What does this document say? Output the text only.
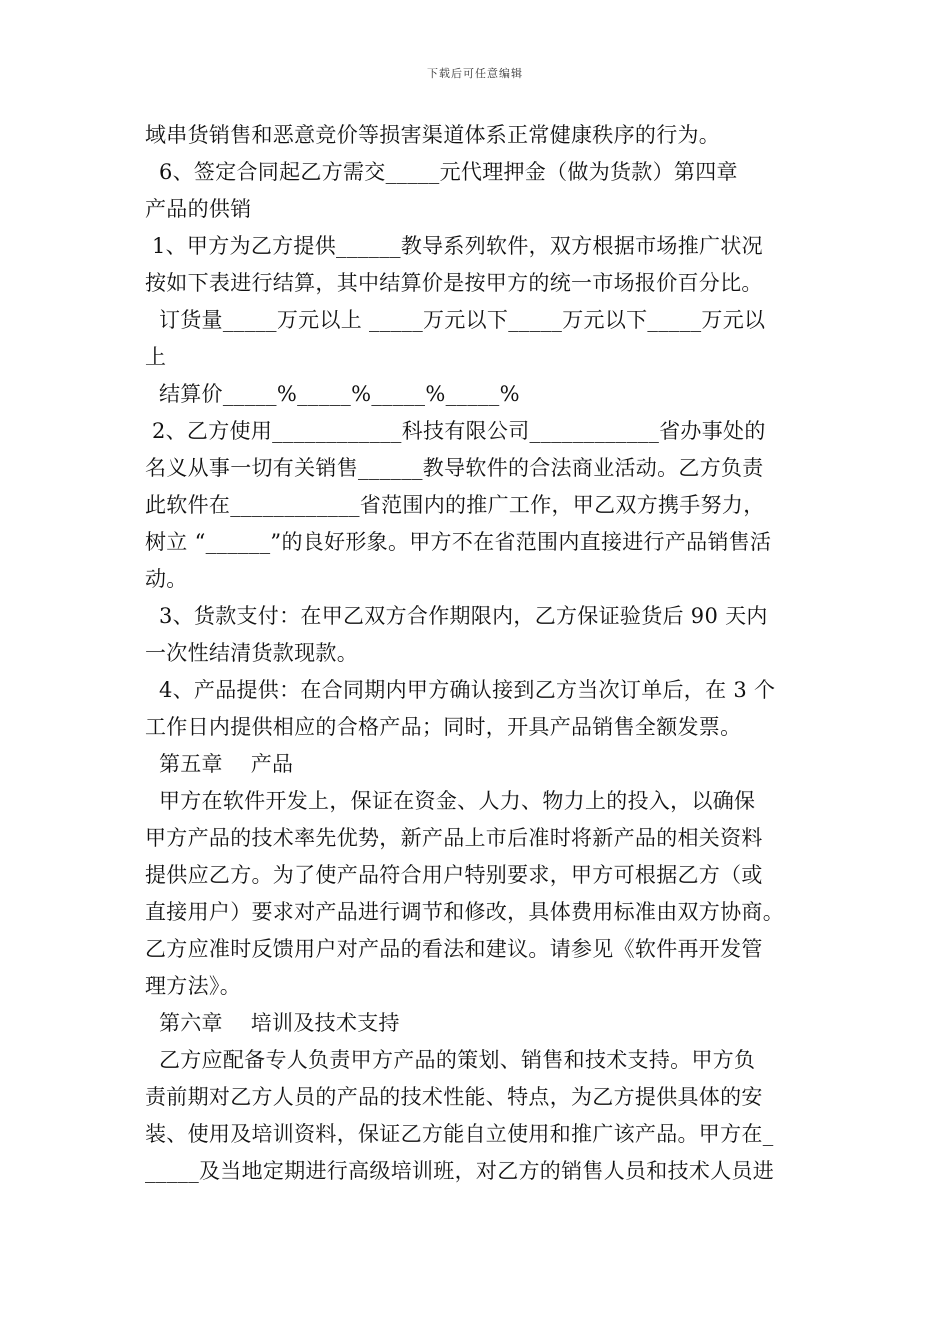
下载后可任意编辑
域串货销售和恶意竞价等损害渠道体系正常健康秩序的行为。
6、签定合同起乙方需交_____元代理押金（做为货款）第四章
产品的供销
1、甲方为乙方提供______教导系列软件，双方根据市场推广状况
按如下表进行结算，其中结算价是按甲方的统一市场报价百分比。
订货量_____万元以上 _____万元以下_____万元以下_____万元以
上
结算价_____%_____%_____%_____%
2、乙方使用____________科技有限公司____________省办事处的
名义从事一切有关销售______教导软件的合法商业活动。乙方负责
此软件在____________省范围内的推广工作，甲乙双方携手努力，
树立 “______”的良好形象。甲方不在省范围内直接进行产品销售活
动。
3、货款支付：在甲乙双方合作期限内，乙方保证验货后 90 天内
一次性结清货款现款。
4、产品提供：在合同期内甲方确认接到乙方当次订单后，在 3 个
工作日内提供相应的合格产品；同时，开具产品销售全额发票。
第五章    产品
甲方在软件开发上，保证在资金、人力、物力上的投入，以确保
甲方产品的技术率先优势，新产品上市后准时将新产品的相关资料
提供应乙方。为了使产品符合用户特别要求，甲方可根据乙方（或
直接用户）要求对产品进行调节和修改，具体费用标准由双方协商。
乙方应准时反馈用户对产品的看法和建议。请参见《软件再开发管
理方法》。
第六章    培训及技术支持
乙方应配备专人负责甲方产品的策划、销售和技术支持。甲方负
责前期对乙方人员的产品的技术性能、特点，为乙方提供具体的安
装、使用及培训资料，保证乙方能自立使用和推广该产品。甲方在_
_____及当地定期进行高级培训班，对乙方的销售人员和技术人员进
